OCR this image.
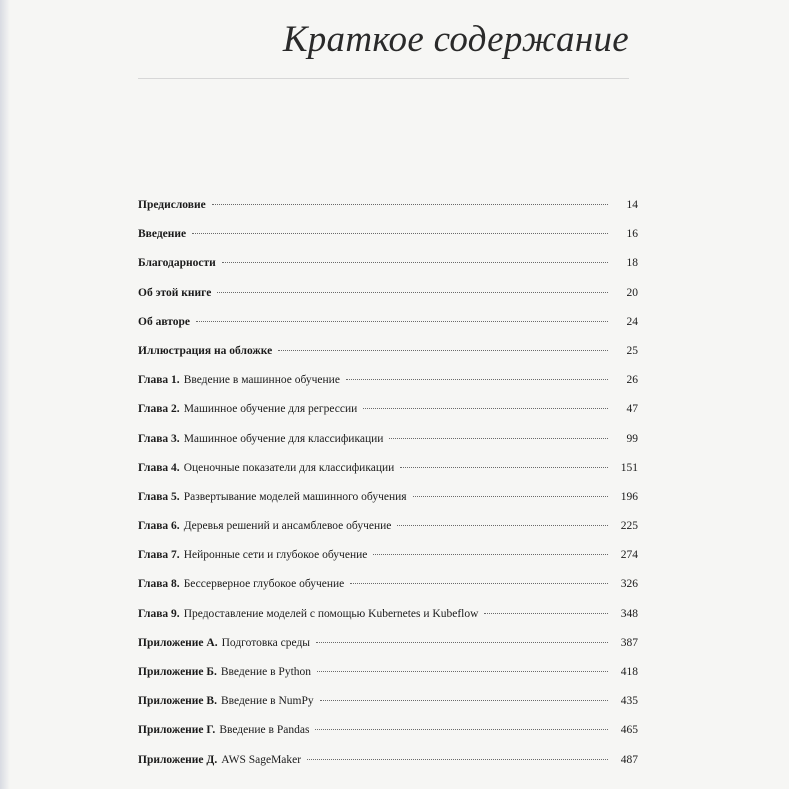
Краткое содержание
Предисловие	14
Введение	16
Благодарности	18
Об этой книге	20
Об авторе	24
Иллюстрация на обложке	25
Глава 1. Введение в машинное обучение	26
Глава 2. Машинное обучение для регрессии	47
Глава 3. Машинное обучение для классификации	99
Глава 4. Оценочные показатели для классификации	151
Глава 5. Развертывание моделей машинного обучения	196
Глава 6. Деревья решений и ансамблевое обучение	225
Глава 7. Нейронные сети и глубокое обучение	274
Глава 8. Бессерверное глубокое обучение	326
Глава 9. Предоставление моделей с помощью Kubernetes и Kubeflow	348
Приложение А. Подготовка среды	387
Приложение Б. Введение в Python	418
Приложение В. Введение в NumPy	435
Приложение Г. Введение в Pandas	465
Приложение Д. AWS SageMaker	487
